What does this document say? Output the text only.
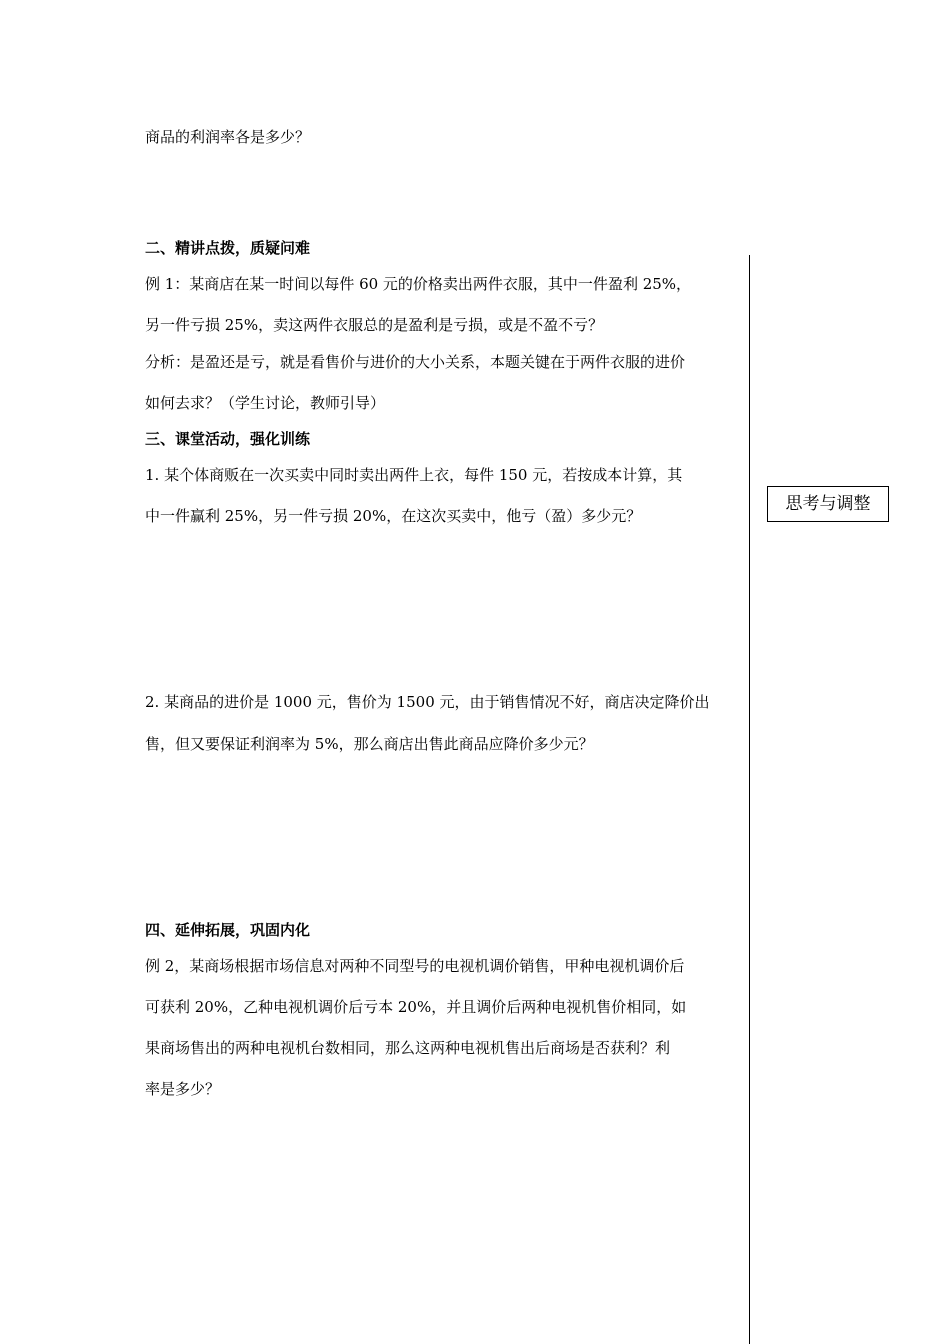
商品的利润率各是多少？
二、精讲点拨，质疑问难
例 1：某商店在某一时间以每件 60 元的价格卖出两件衣服，其中一件盈利 25%，
另一件亏损 25%，卖这两件衣服总的是盈利是亏损，或是不盈不亏？
分析：是盈还是亏，就是看售价与进价的大小关系，本题关键在于两件衣服的进价
如何去求？（学生讨论，教师引导）
三、课堂活动，强化训练
1. 某个体商贩在一次买卖中同时卖出两件上衣，每件 150 元，若按成本计算，其
中一件赢利 25%，另一件亏损 20%，在这次买卖中，他亏（盈）多少元？
2. 某商品的进价是 1000 元，售价为 1500 元，由于销售情况不好，商店决定降价出
售，但又要保证利润率为 5%，那么商店出售此商品应降价多少元？
四、延伸拓展，巩固内化
例 2，某商场根据市场信息对两种不同型号的电视机调价销售，甲种电视机调价后
可获利 20%，乙种电视机调价后亏本 20%，并且调价后两种电视机售价相同，如
果商场售出的两种电视机台数相同，那么这两种电视机售出后商场是否获利？利
率是多少？
思考与调整
